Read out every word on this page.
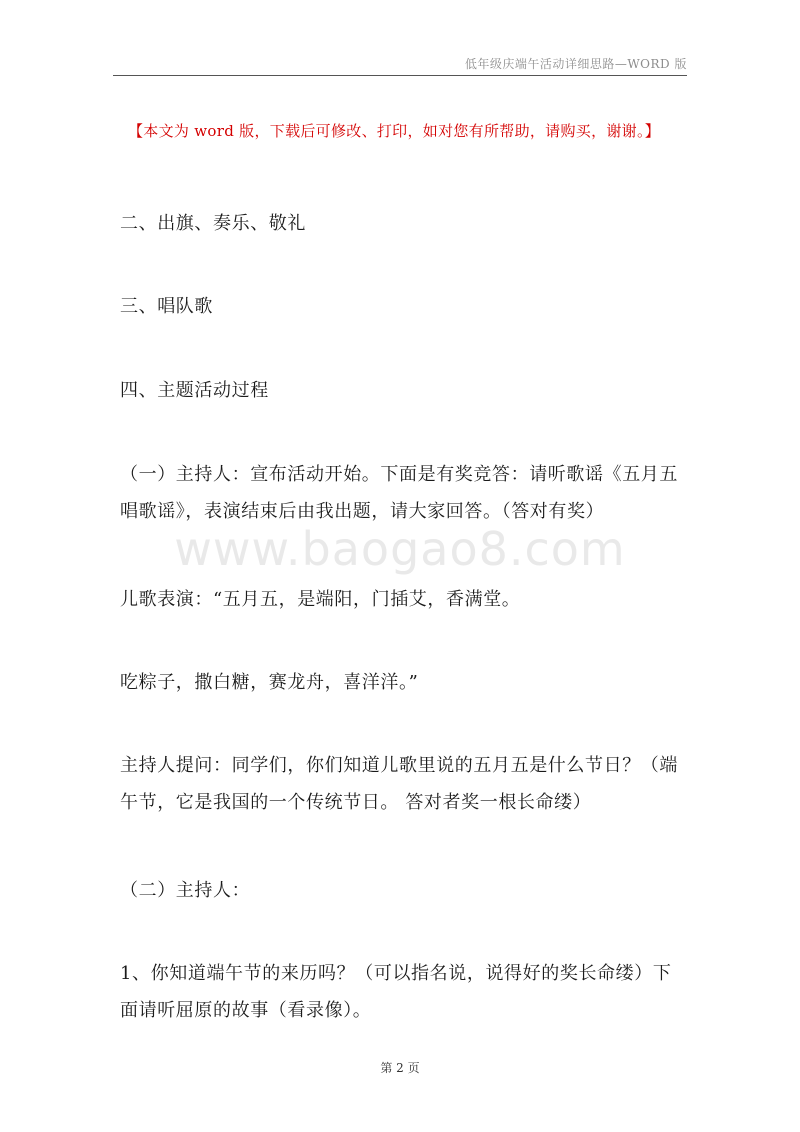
低年级庆端午活动详细思路—WORD 版
【本文为 word 版，下载后可修改、打印，如对您有所帮助，请购买，谢谢。】
www.baogao8.com
二、出旗、奏乐、敬礼
三、唱队歌
四、主题活动过程
（一）主持人：宣布活动开始。下面是有奖竞答：请听歌谣《五月五唱歌谣》，表演结束后由我出题，请大家回答。（答对有奖）
儿歌表演：“五月五，是端阳，门插艾，香满堂。
吃粽子，撒白糖，赛龙舟，喜洋洋。”
主持人提问：同学们，你们知道儿歌里说的五月五是什么节日？（端午节，它是我国的一个传统节日。 答对者奖一根长命缕）
（二）主持人：
1、你知道端午节的来历吗？（可以指名说，说得好的奖长命缕）下面请听屈原的故事（看录像）。
第 2 页
